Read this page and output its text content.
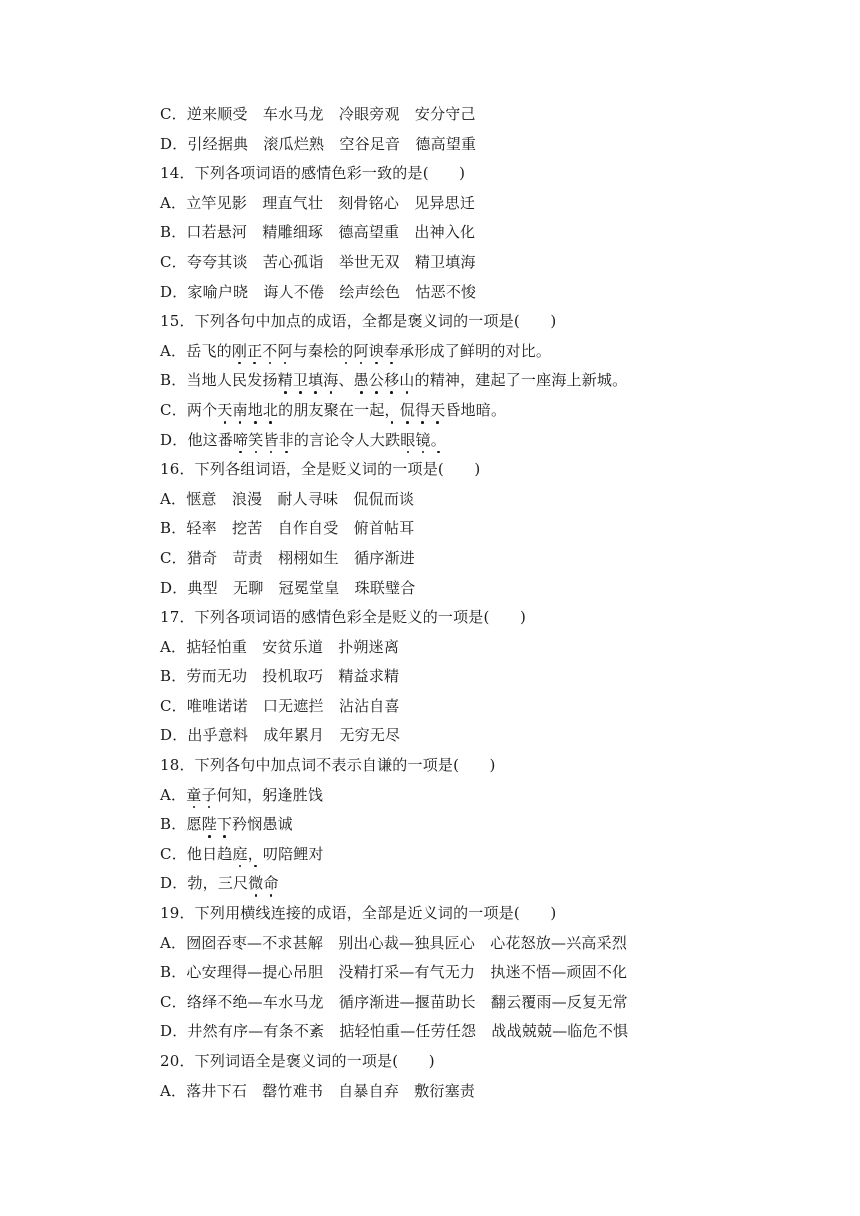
C．逆来顺受　车水马龙　冷眼旁观　安分守己
D．引经据典　滚瓜烂熟　空谷足音　德高望重
14．下列各项词语的感情色彩一致的是(　　)
A．立竿见影　理直气壮　刻骨铭心　见异思迁
B．口若悬河　精雕细琢　德高望重　出神入化
C．夸夸其谈　苦心孤诣　举世无双　精卫填海
D．家喻户晓　诲人不倦　绘声绘色　怙恶不悛
15．下列各句中加点的成语，全都是褒义词的一项是(　　)
A．岳飞的刚正不阿与秦桧的阿谀奉承形成了鲜明的对比。
B．当地人民发扬精卫填海、愚公移山的精神，建起了一座海上新城。
C．两个天南地北的朋友聚在一起，侃得天昏地暗。
D．他这番啼笑皆非的言论令人大跌眼镜。
16．下列各组词语，全是贬义词的一项是(　　)
A．惬意　浪漫　耐人寻味　侃侃而谈
B．轻率　挖苦　自作自受　俯首帖耳
C．猎奇　苛责　栩栩如生　循序渐进
D．典型　无聊　冠冕堂皇　珠联璧合
17．下列各项词语的感情色彩全是贬义的一项是(　　)
A．掂轻怕重　安贫乐道　扑朔迷离
B．劳而无功　投机取巧　精益求精
C．唯唯诺诺　口无遮拦　沾沾自喜
D．出乎意料　成年累月　无穷无尽
18．下列各句中加点词不表示自谦的一项是(　　)
A．童子何知，躬逢胜饯
B．愿陛下矜悯愚诚
C．他日趋庭，叨陪鲤对
D．勃，三尺微命
19．下列用横线连接的成语，全部是近义词的一项是(　　)
A．囫囵吞枣—不求甚解　别出心裁—独具匠心　心花怒放—兴高采烈
B．心安理得—提心吊胆　没精打采—有气无力　执迷不悟—顽固不化
C．络绎不绝—车水马龙　循序渐进—揠苗助长　翻云覆雨—反复无常
D．井然有序—有条不紊　掂轻怕重—任劳任怨　战战兢兢—临危不惧
20．下列词语全是褒义词的一项是(　　)
A．落井下石　罄竹难书　自暴自弃　敷衍塞责
